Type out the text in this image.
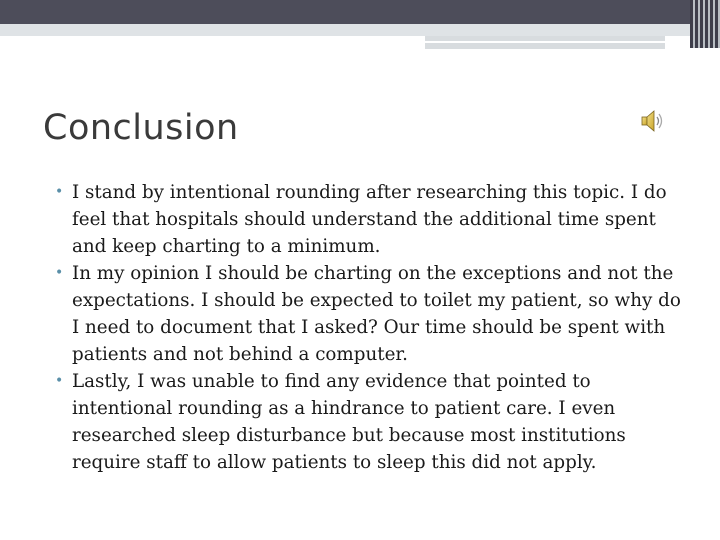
Conclusion
• I stand by intentional rounding after researching this topic. I do feel that hospitals should understand the additional time spent and keep charting to a minimum.
• In my opinion I should be charting on the exceptions and not the expectations. I should be expected to toilet my patient, so why do I need to document that I asked? Our time should be spent with patients and not behind a computer.
• Lastly, I was unable to find any evidence that pointed to intentional rounding as a hindrance to patient care. I even researched sleep disturbance but because most institutions require staff to allow patients to sleep this did not apply.
